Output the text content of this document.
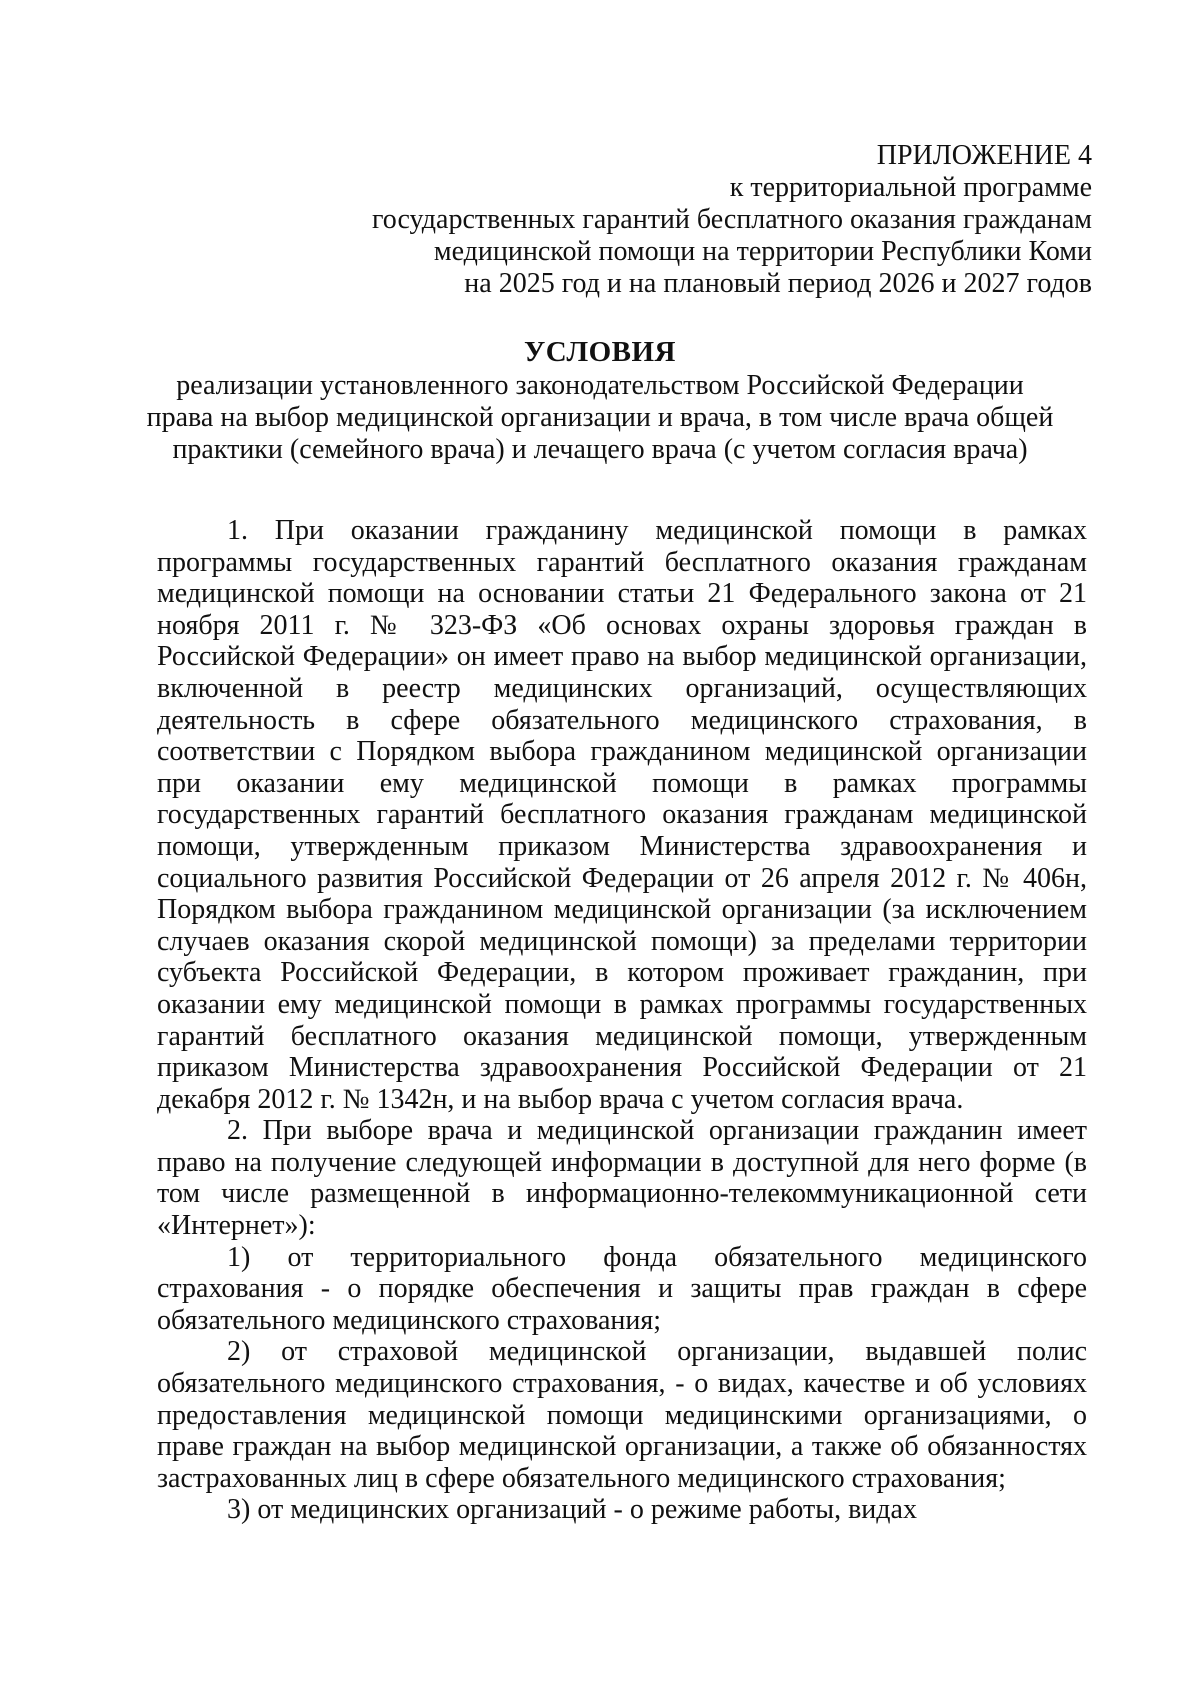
ПРИЛОЖЕНИЕ 4
к территориальной программе
государственных гарантий бесплатного оказания гражданам
медицинской помощи на территории Республики Коми
на 2025 год и на плановый период 2026 и 2027 годов
УСЛОВИЯ
реализации установленного законодательством Российской Федерации
права на выбор медицинской организации и врача, в том числе врача общей
практики (семейного врача) и лечащего врача (с учетом согласия врача)

1. При оказании гражданину медицинской помощи в рамках программы государственных гарантий бесплатного оказания гражданам медицинской помощи на основании статьи 21 Федерального закона от 21 ноября 2011 г. № 323-ФЗ «Об основах охраны здоровья граждан в Российской Федерации» он имеет право на выбор медицинской организации, включенной в реестр медицинских организаций, осуществляющих деятельность в сфере обязательного медицинского страхования, в соответствии с Порядком выбора гражданином медицинской организации при оказании ему медицинской помощи в рамках программы государственных гарантий бесплатного оказания гражданам медицинской помощи, утвержденным приказом Министерства здравоохранения и социального развития Российской Федерации от 26 апреля 2012 г. № 406н, Порядком выбора гражданином медицинской организации (за исключением случаев оказания скорой медицинской помощи) за пределами территории субъекта Российской Федерации, в котором проживает гражданин, при оказании ему медицинской помощи в рамках программы государственных гарантий бесплатного оказания медицинской помощи, утвержденным приказом Министерства здравоохранения Российской Федерации от 21 декабря 2012 г. № 1342н, и на выбор врача с учетом согласия врача.

2. При выборе врача и медицинской организации гражданин имеет право на получение следующей информации в доступной для него форме (в том числе размещенной в информационно-телекоммуникационной сети «Интернет»):

1) от территориального фонда обязательного медицинского страхования - о порядке обеспечения и защиты прав граждан в сфере обязательного медицинского страхования;

2) от страховой медицинской организации, выдавшей полис обязательного медицинского страхования, - о видах, качестве и об условиях предоставления медицинской помощи медицинскими организациями, о праве граждан на выбор медицинской организации, а также об обязанностях застрахованных лиц в сфере обязательного медицинского страхования;

3) от медицинских организаций - о режиме работы, видах
